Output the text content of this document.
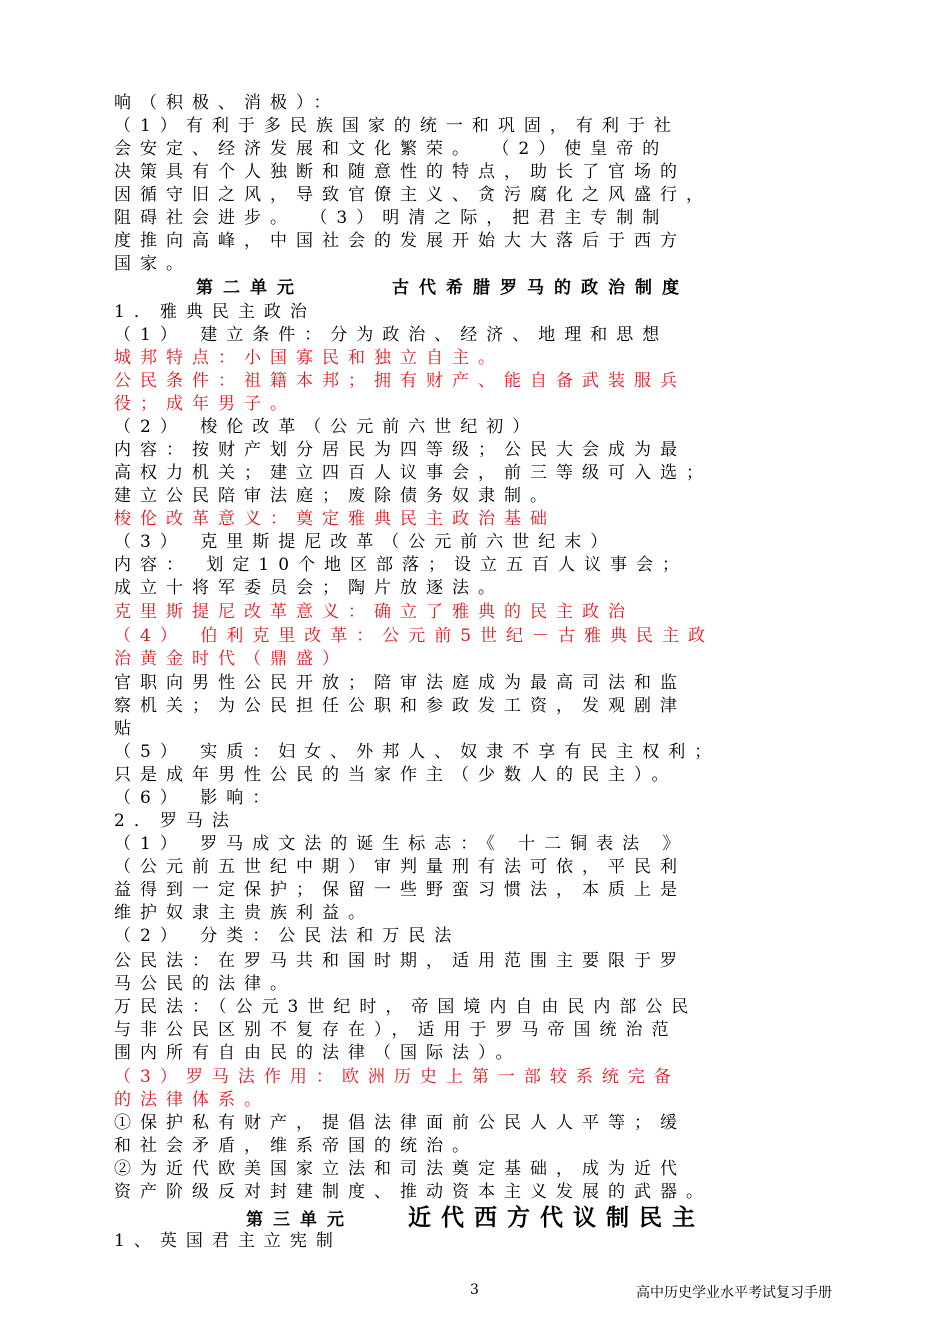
响（积极、消极）：
（1）有利于多民族国家的统一和巩固，有利于社
会安定、经济发展和文化繁荣。 （2）使皇帝的
决策具有个人独断和随意性的特点，助长了官场的
因循守旧之风，导致官僚主义、贪污腐化之风盛行，
阻碍社会进步。 （3）明清之际，把君主专制制
度推向高峰，中国社会的发展开始大大落后于西方
国家。
第二单元	古代希腊罗马的政治制度
1．雅典民主政治
（1） 建立条件：分为政治、经济、地理和思想
城邦特点：小国寡民和独立自主。
公民条件：祖籍本邦；拥有财产、能自备武装服兵
役；成年男子。
（2） 梭伦改革（公元前六世纪初）
内容：按财产划分居民为四等级；公民大会成为最
高权力机关；建立四百人议事会，前三等级可入选；
建立公民陪审法庭；废除债务奴隶制。
梭伦改革意义：奠定雅典民主政治基础
（3） 克里斯提尼改革（公元前六世纪末）
内容： 划定10个地区部落；设立五百人议事会；
成立十将军委员会；陶片放逐法。
克里斯提尼改革意义：确立了雅典的民主政治
（4） 伯利克里改革：公元前5世纪－古雅典民主政
治黄金时代（鼎盛）
官职向男性公民开放；陪审法庭成为最高司法和监
察机关；为公民担任公职和参政发工资，发观剧津
贴
（5） 实质：妇女、外邦人、奴隶不享有民主权利；
只是成年男性公民的当家作主（少数人的民主）。
（6） 影响：
2．罗马法
（1） 罗马成文法的诞生标志：《 十二铜表法 》
（公元前五世纪中期）审判量刑有法可依，平民利
益得到一定保护；保留一些野蛮习惯法，本质上是
维护奴隶主贵族利益。
（2） 分类：公民法和万民法
公民法：在罗马共和国时期，适用范围主要限于罗
马公民的法律。
万民法：（公元3世纪时，帝国境内自由民内部公民
与非公民区别不复存在），适用于罗马帝国统治范
围内所有自由民的法律（国际法）。
（3）罗马法作用：欧洲历史上第一部较系统完备
的法律体系。
①保护私有财产，提倡法律面前公民人人平等；缓
和社会矛盾，维系帝国的统治。
②为近代欧美国家立法和司法奠定基础，成为近代
资产阶级反对封建制度、推动资本主义发展的武器。
第三单元 近代西方代议制民主
1、英国君主立宪制
3	高中历史学业水平考试复习手册
